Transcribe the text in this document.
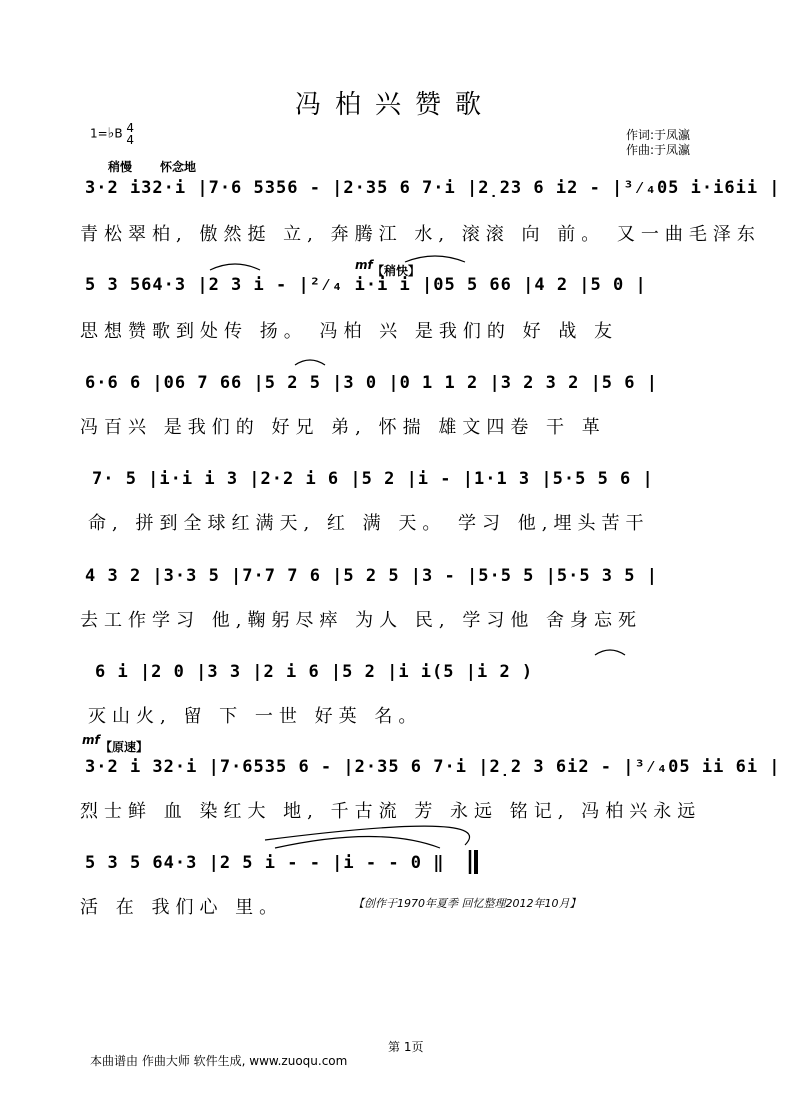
冯柏兴赞歌
1=♭B 4
4	作词:于凤瀛
作曲:于凤瀛
稍慢 怀念地
3·2 i32·i |7·6 5356 - |2·35 6 7·i |2̣23 6 i2 - |³⁄₄05 i·i6ii |
青松翠柏, 傲然挺 立, 奔腾江 水, 滚滚 向 前。 又一曲毛泽东
mf 【稍快】
5 3 564·3 |2 3 i - |²⁄₄ i·i i |05 5 66 |4 2 |5 0 |
思想赞歌到处传 扬。 冯柏 兴 是我们的 好 战 友
6·6 6 |06 7 66 |5 2 5 |3 0 |0 1 1 2 |3 2 3 2 |5 6 |
冯百兴 是我们的 好兄 弟, 怀揣 雄文四卷 干 革
7· 5 |i·i i 3 |2·2 i 6 |5 2 |i - |1·1 3 |5·5 5 6 |
命, 拼到全球红满天, 红 满 天。 学习 他,埋头苦干
4 3 2 |3·3 5 |7·7 7 6 |5 2 5 |3 - |5·5 5 |5·5 3 5 |
去工作学习 他,鞠躬尽瘁 为人 民, 学习他 舍身忘死
6 i |2 0 |3 3 |2 i 6 |5 2 |i i(5 |i 2 )
灭山火, 留 下 一世 好英 名。
mf 【原速】
3·2 i 32·i |7·6535 6 - |2·35 6 7·i |2̣2 3 6i2 - |³⁄₄05 ii 6i |
烈士鲜 血 染红大 地, 千古流 芳 永远 铭记, 冯柏兴永远
5 3 5 64·3 |2 5 i - - |i - - 0 ‖
活 在 我们心 里。	【创作于1970年夏季 回忆整理2012年10月】
第 1页
本曲谱由 作曲大师 软件生成, www.zuoqu.com
